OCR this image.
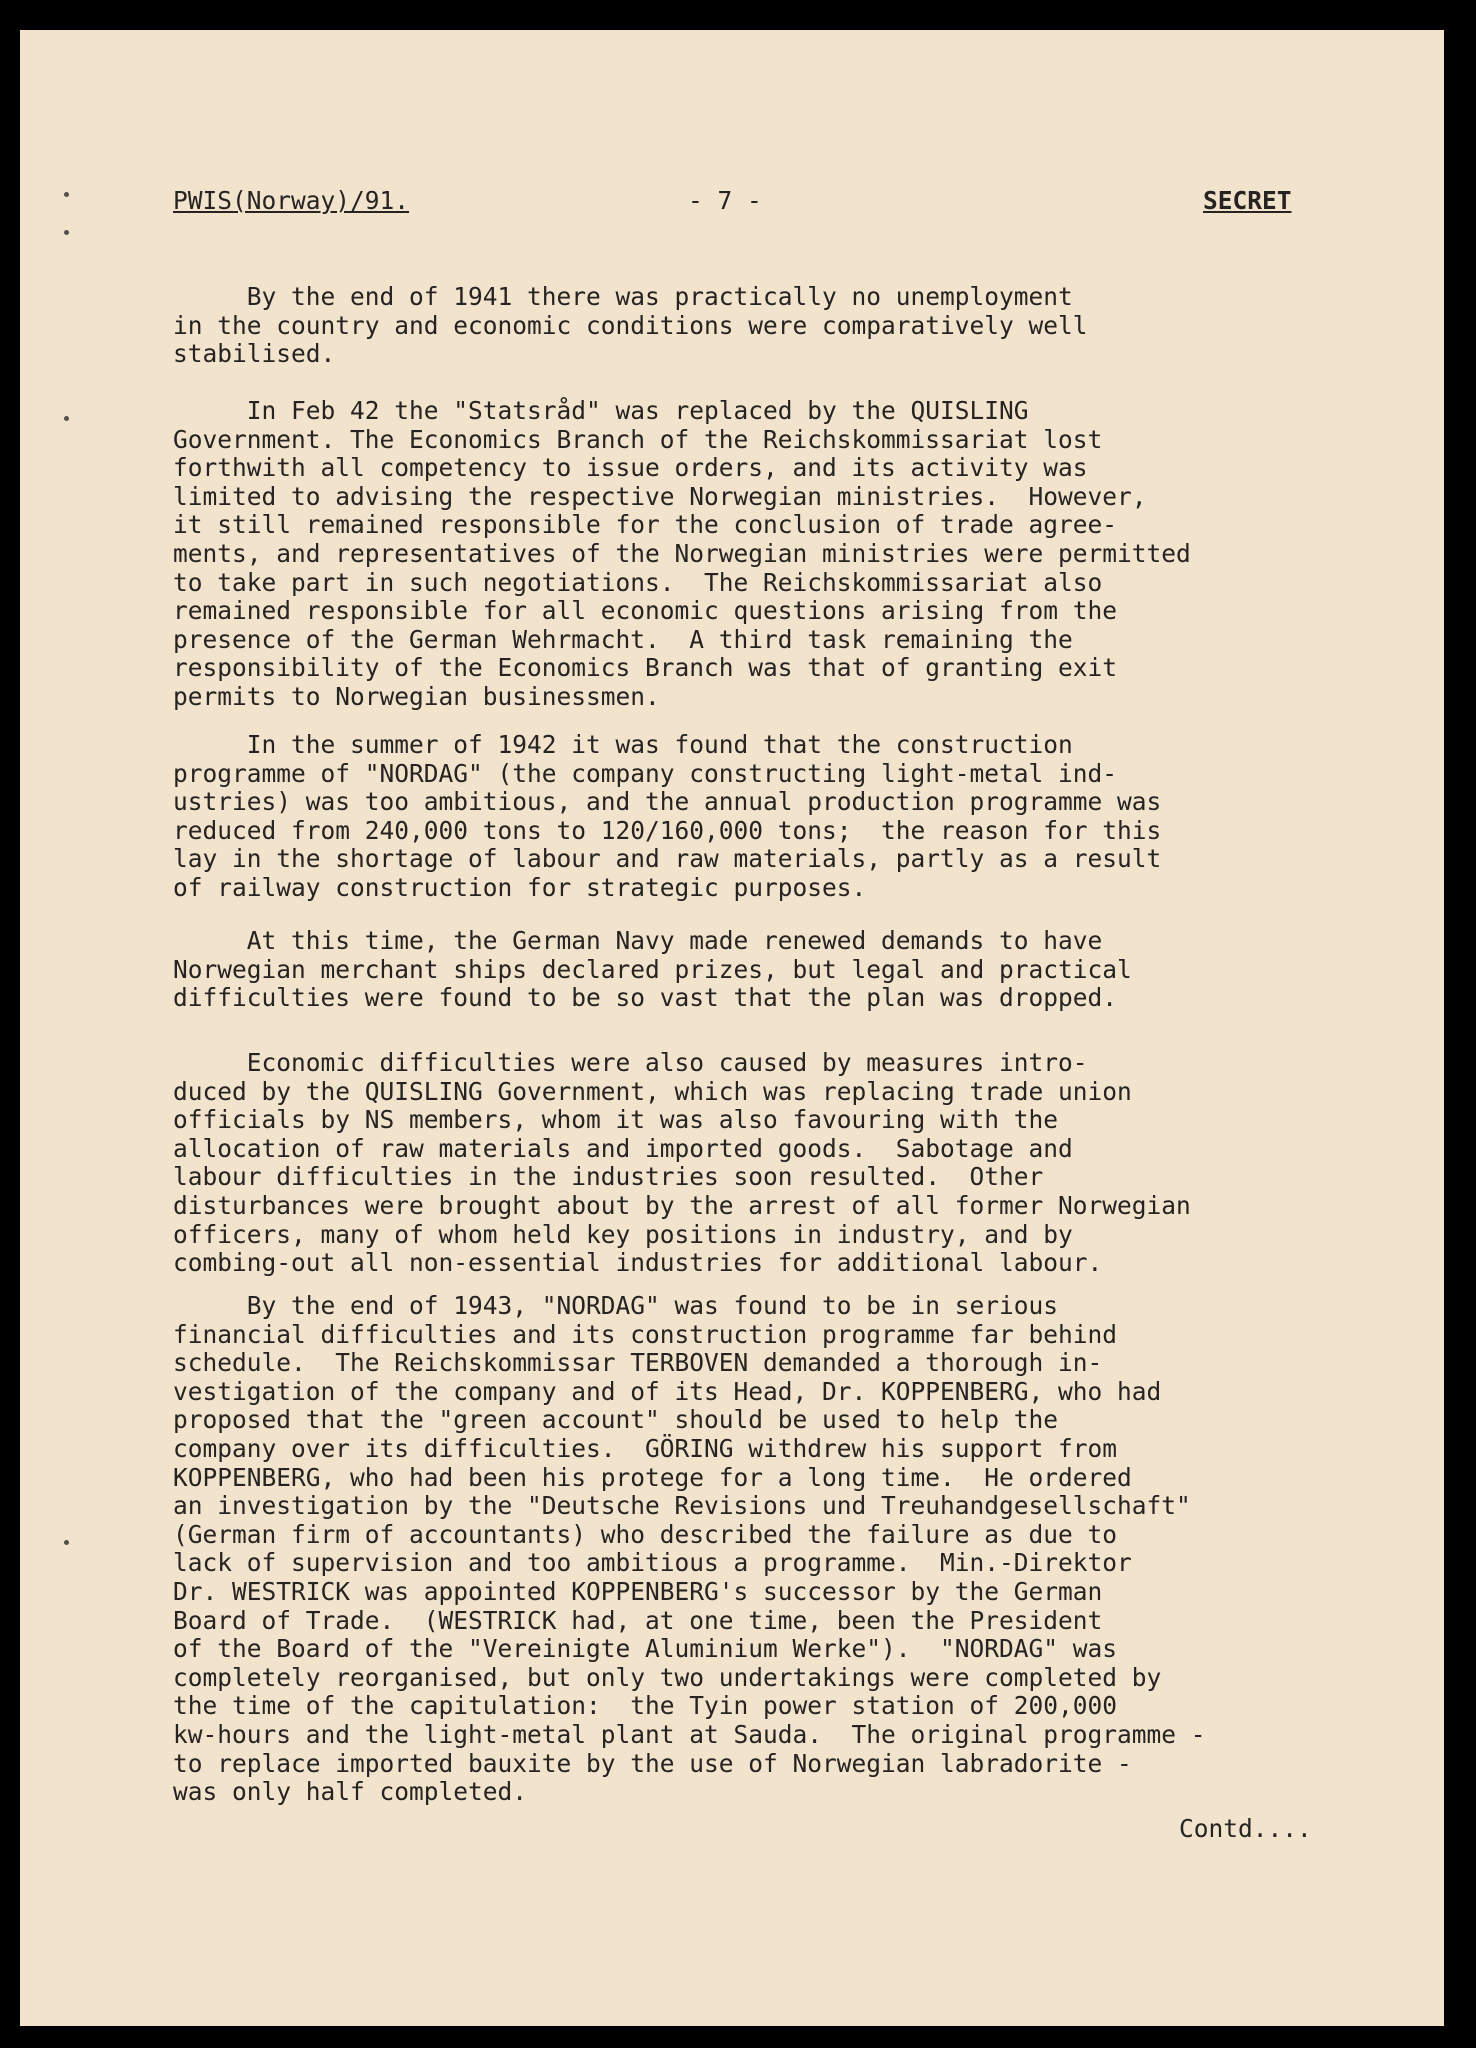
PWIS(Norway)/91.	- 7 -	SECRET
By the end of 1941 there was practically no unemployment
in the country and economic conditions were comparatively well
stabilised.
In Feb 42 the "Statsråd" was replaced by the QUISLING
Government. The Economics Branch of the Reichskommissariat lost
forthwith all competency to issue orders, and its activity was
limited to advising the respective Norwegian ministries.  However,
it still remained responsible for the conclusion of trade agree-
ments, and representatives of the Norwegian ministries were permitted
to take part in such negotiations.  The Reichskommissariat also
remained responsible for all economic questions arising from the
presence of the German Wehrmacht.  A third task remaining the
responsibility of the Economics Branch was that of granting exit
permits to Norwegian businessmen.
In the summer of 1942 it was found that the construction
programme of "NORDAG" (the company constructing light-metal ind-
ustries) was too ambitious, and the annual production programme was
reduced from 240,000 tons to 120/160,000 tons;  the reason for this
lay in the shortage of labour and raw materials, partly as a result
of railway construction for strategic purposes.
At this time, the German Navy made renewed demands to have
Norwegian merchant ships declared prizes, but legal and practical
difficulties were found to be so vast that the plan was dropped.
Economic difficulties were also caused by measures intro-
duced by the QUISLING Government, which was replacing trade union
officials by NS members, whom it was also favouring with the
allocation of raw materials and imported goods.  Sabotage and
labour difficulties in the industries soon resulted.  Other
disturbances were brought about by the arrest of all former Norwegian
officers, many of whom held key positions in industry, and by
combing-out all non-essential industries for additional labour.
By the end of 1943, "NORDAG" was found to be in serious
financial difficulties and its construction programme far behind
schedule.  The Reichskommissar TERBOVEN demanded a thorough in-
vestigation of the company and of its Head, Dr. KOPPENBERG, who had
proposed that the "green account" should be used to help the
company over its difficulties.  GÖRING withdrew his support from
KOPPENBERG, who had been his protege for a long time.  He ordered
an investigation by the "Deutsche Revisions und Treuhandgesellschaft"
(German firm of accountants) who described the failure as due to
lack of supervision and too ambitious a programme.  Min.-Direktor
Dr. WESTRICK was appointed KOPPENBERG's successor by the German
Board of Trade.  (WESTRICK had, at one time, been the President
of the Board of the "Vereinigte Aluminium Werke").  "NORDAG" was
completely reorganised, but only two undertakings were completed by
the time of the capitulation:  the Tyin power station of 200,000
kw-hours and the light-metal plant at Sauda.  The original programme -
to replace imported bauxite by the use of Norwegian labradorite -
was only half completed.
Contd....
